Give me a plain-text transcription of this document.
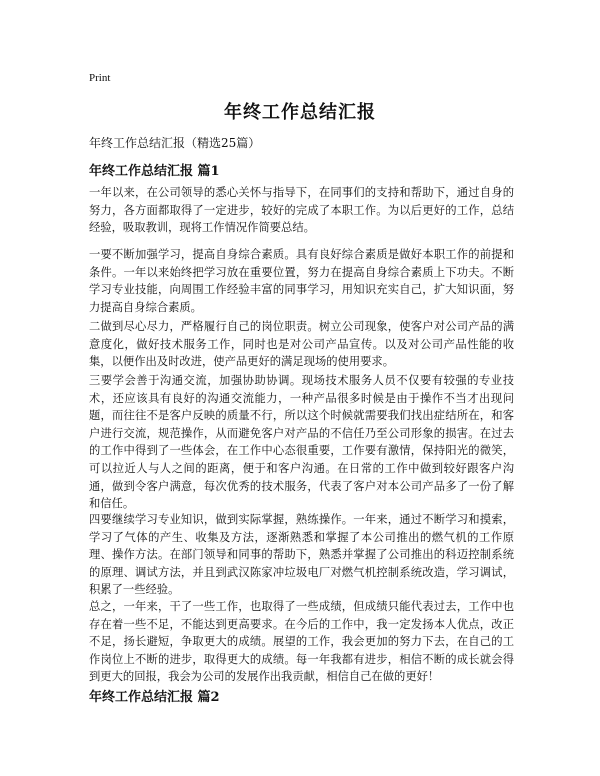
Print
年终工作总结汇报
年终工作总结汇报（精选25篇）
年终工作总结汇报 篇1

一年以来，在公司领导的悉心关怀与指导下，在同事们的支持和帮助下，通过自身的努力，各方面都取得了一定进步，较好的完成了本职工作。为以后更好的工作，总结经验，吸取教训，现将工作情况作简要总结。

一要不断加强学习，提高自身综合素质。具有良好综合素质是做好本职工作的前提和条件。一年以来始终把学习放在重要位置，努力在提高自身综合素质上下功夫。不断学习专业技能，向周围工作经验丰富的同事学习，用知识充实自己，扩大知识面，努力提高自身综合素质。

二做到尽心尽力，严格履行自己的岗位职责。树立公司现象，使客户对公司产品的满意度化，做好技术服务工作，同时也是对公司产品宣传。以及对公司产品性能的收集，以便作出及时改进，使产品更好的满足现场的使用要求。

三要学会善于沟通交流，加强协助协调。现场技术服务人员不仅要有较强的专业技术，还应该具有良好的沟通交流能力，一种产品很多时候是由于操作不当才出现问题，而往往不是客户反映的质量不行，所以这个时候就需要我们找出症结所在，和客户进行交流，规范操作，从而避免客户对产品的不信任乃至公司形象的损害。在过去的工作中得到了一些体会，在工作中心态很重要，工作要有激情，保持阳光的微笑，可以拉近人与人之间的距离，便于和客户沟通。在日常的工作中做到较好跟客户沟通，做到令客户满意，每次优秀的技术服务，代表了客户对本公司产品多了一份了解和信任。

四要继续学习专业知识，做到实际掌握，熟练操作。一年来，通过不断学习和摸索，学习了气体的产生、收集及方法，逐渐熟悉和掌握了本公司推出的燃气机的工作原理、操作方法。在部门领导和同事的帮助下，熟悉并掌握了公司推出的科迈控制系统的原理、调试方法，并且到武汉陈家冲垃圾电厂对燃气机控制系统改造，学习调试，积累了一些经验。

总之，一年来，干了一些工作，也取得了一些成绩，但成绩只能代表过去，工作中也存在着一些不足，不能达到更高要求。在今后的工作中，我一定发扬本人优点，改正不足，扬长避短，争取更大的成绩。展望的工作，我会更加的努力下去，在自己的工作岗位上不断的进步，取得更大的成绩。每一年我都有进步，相信不断的成长就会得到更大的回报，我会为公司的发展作出我贡献，相信自己在做的更好！

年终工作总结汇报 篇2
